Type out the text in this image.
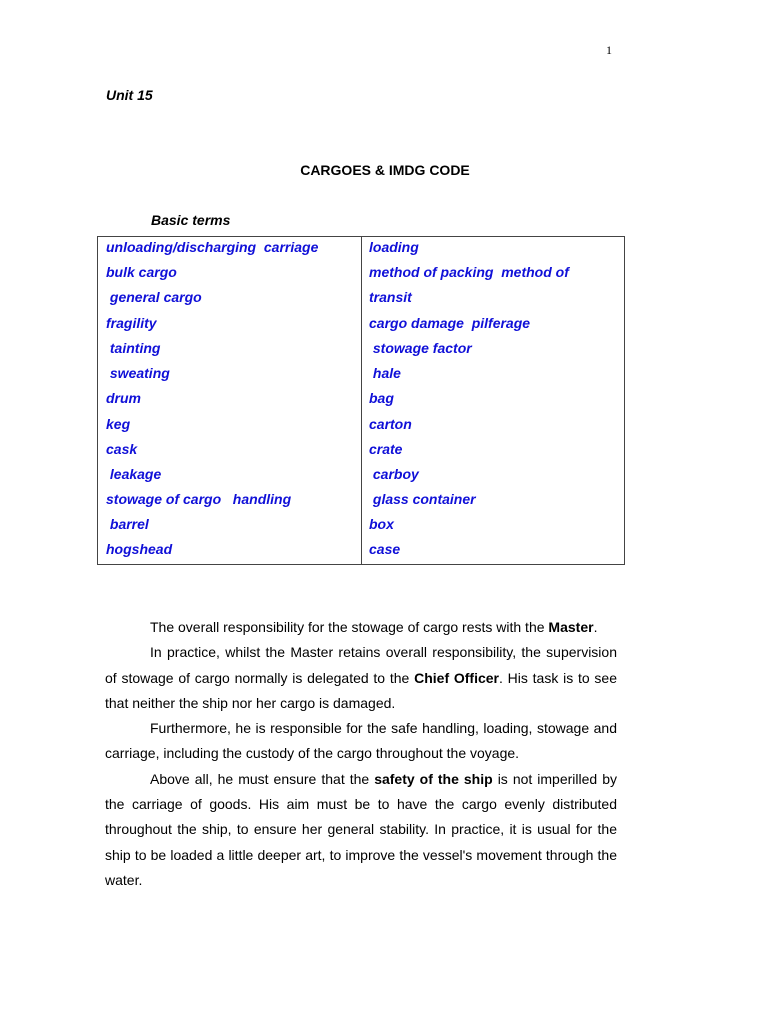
1
Unit 15
CARGOES & IMDG CODE
Basic terms
unloading/discharging  carriage
bulk cargo
general cargo
fragility
tainting
sweating
drum
keg
cask
leakage
stowage of cargo   handling
barrel
hogshead
loading
method of packing  method of
transit
cargo damage  pilferage
stowage factor
hale
bag
carton
crate
carboy
glass container
box
case

The overall responsibility for the stowage of cargo rests with the Master.

In practice, whilst the Master retains overall responsibility, the supervision of stowage of cargo normally is delegated to the Chief Officer. His task is to see that neither the ship nor her cargo is damaged.

Furthermore, he is responsible for the safe handling, loading, stowage and carriage, including the custody of the cargo throughout the voyage.

Above all, he must ensure that the safety of the ship is not imperilled by the carriage of goods. His aim must be to have the cargo evenly distributed throughout the ship, to ensure her general stability. In practice, it is usual for the ship to be loaded a little deeper art, to improve the vessel's movement through the water.
